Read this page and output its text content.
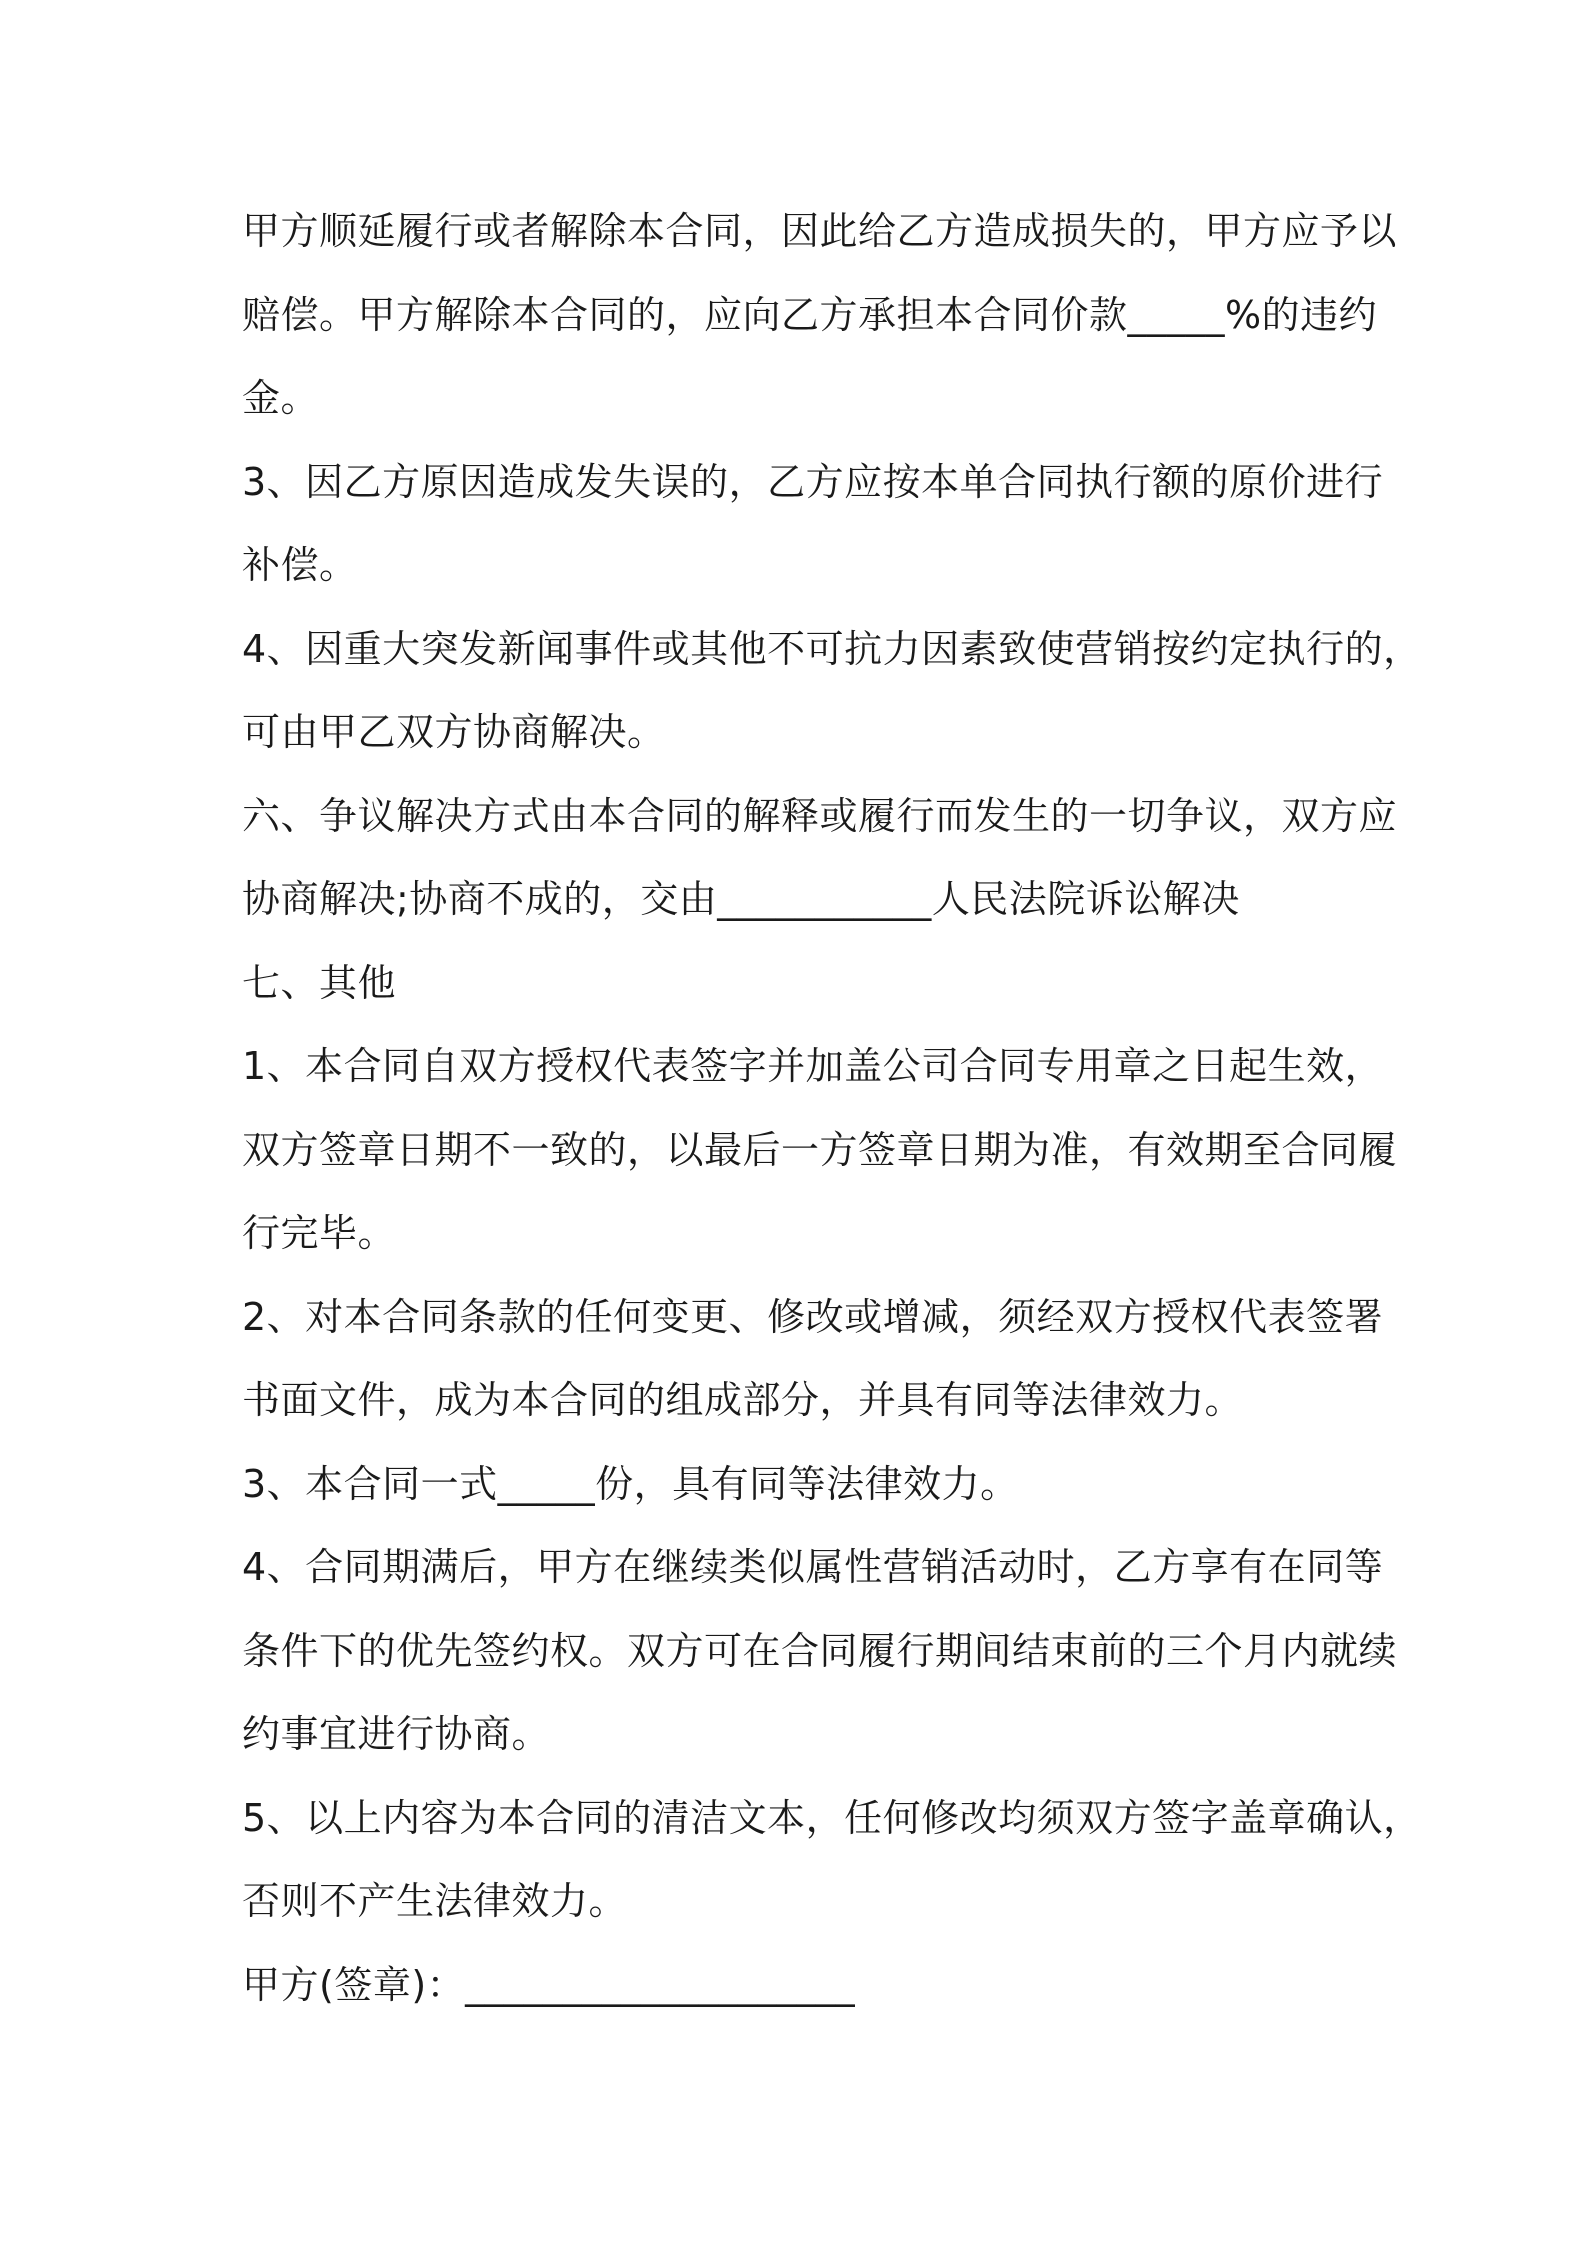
甲方顺延履行或者解除本合同，因此给乙方造成损失的，甲方应予以
赔偿。甲方解除本合同的，应向乙方承担本合同价款_____%的违约
金。
3、因乙方原因造成发失误的，乙方应按本单合同执行额的原价进行
补偿。
4、因重大突发新闻事件或其他不可抗力因素致使营销按约定执行的，
可由甲乙双方协商解决。
六、争议解决方式由本合同的解释或履行而发生的一切争议，双方应
协商解决;协商不成的，交由___________人民法院诉讼解决
七、其他
1、本合同自双方授权代表签字并加盖公司合同专用章之日起生效，
双方签章日期不一致的，以最后一方签章日期为准，有效期至合同履
行完毕。
2、对本合同条款的任何变更、修改或增减，须经双方授权代表签署
书面文件，成为本合同的组成部分，并具有同等法律效力。
3、本合同一式_____份，具有同等法律效力。
4、合同期满后，甲方在继续类似属性营销活动时，乙方享有在同等
条件下的优先签约权。双方可在合同履行期间结束前的三个月内就续
约事宜进行协商。
5、以上内容为本合同的清洁文本，任何修改均须双方签字盖章确认，
否则不产生法律效力。
甲方(签章)：____________________
